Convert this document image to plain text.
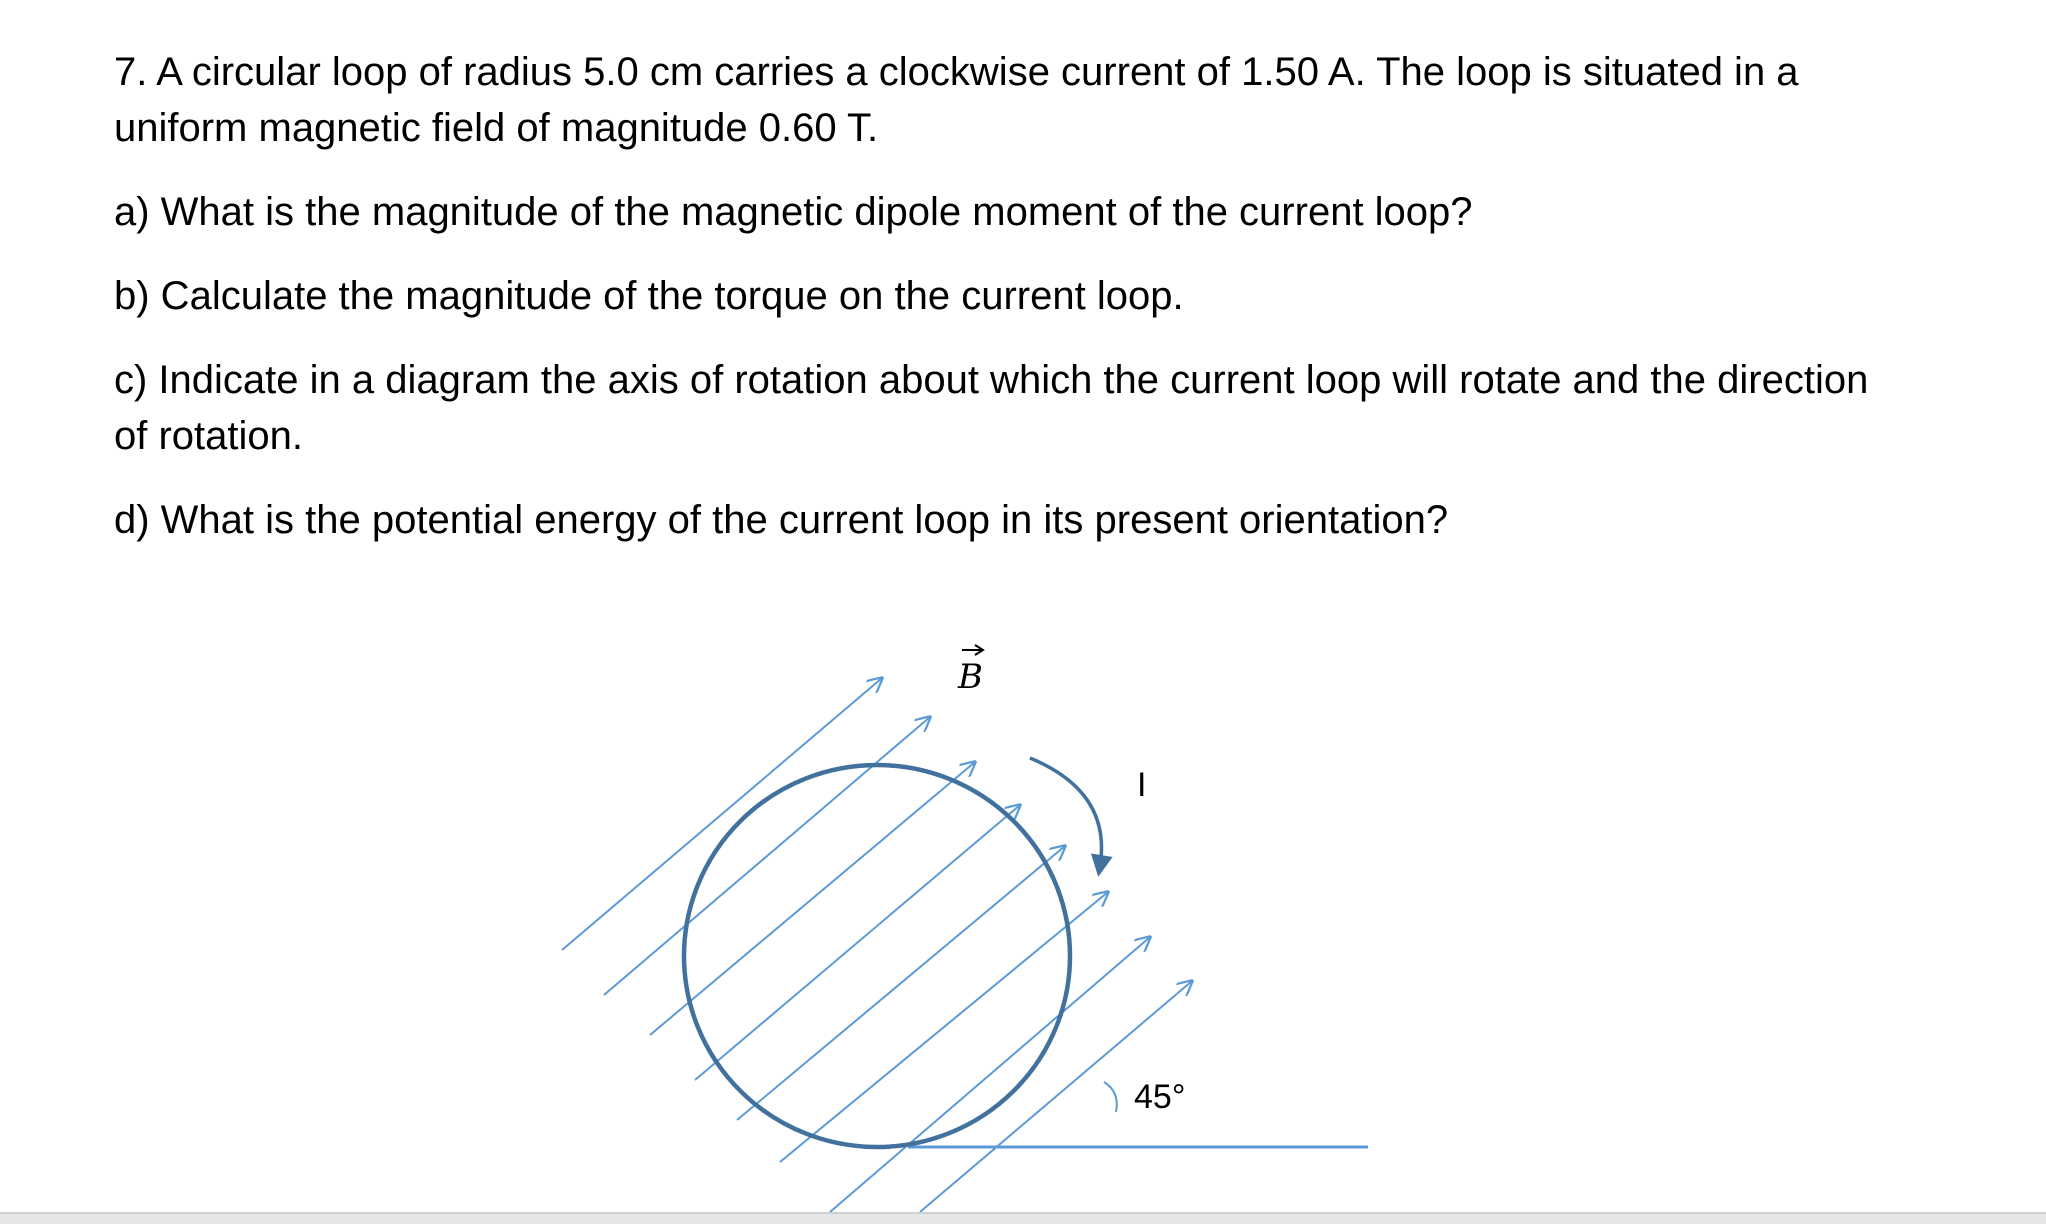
7. A circular loop of radius 5.0 cm carries a clockwise current of 1.50 A. The loop is situated in a uniform magnetic field of magnitude 0.60 T.

a) What is the magnitude of the magnetic dipole moment of the current loop?

b) Calculate the magnitude of the torque on the current loop.

c) Indicate in a diagram the axis of rotation about which the current loop will rotate and the direction of rotation.

d) What is the potential energy of the current loop in its present orientation?

B
I
45°
